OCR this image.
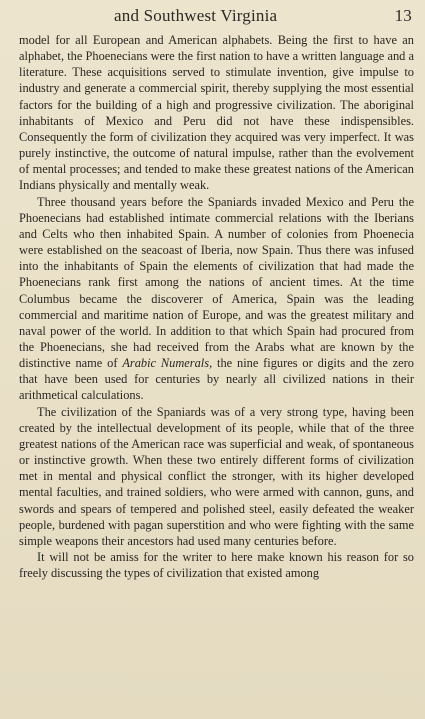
and Southwest Virginia	13

model for all European and American alphabets. Being the first to have an alphabet, the Phoenecians were the first nation to have a written language and a literature. These acquisitions served to stimulate invention, give impulse to industry and generate a commercial spirit, thereby supplying the most essential factors for the building of a high and progressive civilization. The aboriginal inhabitants of Mexico and Peru did not have these indispensibles. Consequently the form of civilization they acquired was very imperfect. It was purely instinctive, the outcome of natural impulse, rather than the evolvement of mental processes; and tended to make these greatest nations of the American Indians physically and mentally weak.

Three thousand years before the Spaniards invaded Mexico and Peru the Phoenecians had established intimate commercial relations with the Iberians and Celts who then inhabited Spain. A number of colonies from Phoenecia were established on the seacoast of Iberia, now Spain. Thus there was infused into the inhabitants of Spain the elements of civilization that had made the Phoenecians rank first among the nations of ancient times. At the time Columbus became the discoverer of America, Spain was the leading commercial and maritime nation of Europe, and was the greatest military and naval power of the world. In addition to that which Spain had procured from the Phoenecians, she had received from the Arabs what are known by the distinctive name of Arabic Numerals, the nine figures or digits and the zero that have been used for centuries by nearly all civilized nations in their arithmetical calculations.

The civilization of the Spaniards was of a very strong type, having been created by the intellectual development of its people, while that of the three greatest nations of the American race was superficial and weak, of spontaneous or instinctive growth. When these two entirely different forms of civilization met in mental and physical conflict the stronger, with its higher developed mental faculties, and trained soldiers, who were armed with cannon, guns, and swords and spears of tempered and polished steel, easily defeated the weaker people, burdened with pagan superstition and who were fighting with the same simple weapons their ancestors had used many centuries before.

It will not be amiss for the writer to here make known his reason for so freely discussing the types of civilization that existed among
